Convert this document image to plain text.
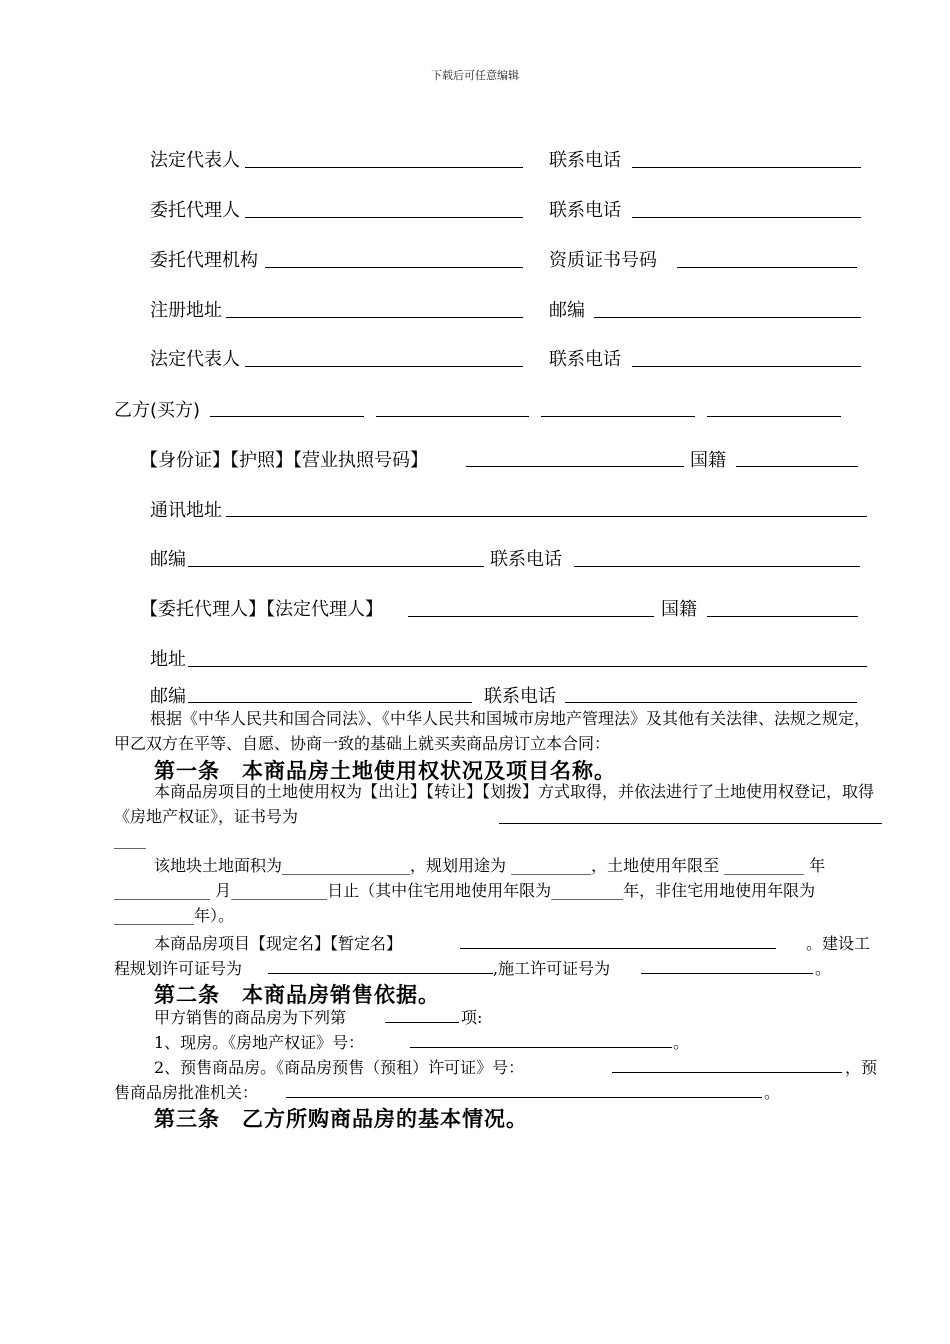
下载后可任意编辑
法定代表人	联系电话
委托代理人	联系电话
委托代理机构	资质证书号码
注册地址	邮编
法定代表人	联系电话
乙方(买方)
【身份证】【护照】【营业执照号码】	国籍
通讯地址
邮编	联系电话
【委托代理人】【法定代理人】	国籍
地址
邮编	联系电话
根据《中华人民共和国合同法》、《中华人民共和国城市房地产管理法》及其他有关法律、法规之规定，甲乙双方在平等、自愿、协商一致的基础上就买卖商品房订立本合同：
第一条　本商品房土地使用权状况及项目名称。
本商品房项目的土地使用权为【出让】【转让】【划拨】方式取得，并依法进行了土地使用权登记，取得《房地产权证》，证书号为
____
该地块土地面积为________________，规划用途为 __________，土地使用年限至 __________ 年____________ 月____________日止（其中住宅用地使用年限为_________年，非住宅用地使用年限为__________年）。
本商品房项目【现定名】【暂定名】	。建设工
程规划许可证号为	,施工许可证号为	。
第二条　本商品房销售依据。
甲方销售的商品房为下列第	项:
1、现房。《房地产权证》号：	。
2、预售商品房。《商品房预售（预租）许可证》号：	，预
售商品房批准机关：	。
第三条　乙方所购商品房的基本情况。
